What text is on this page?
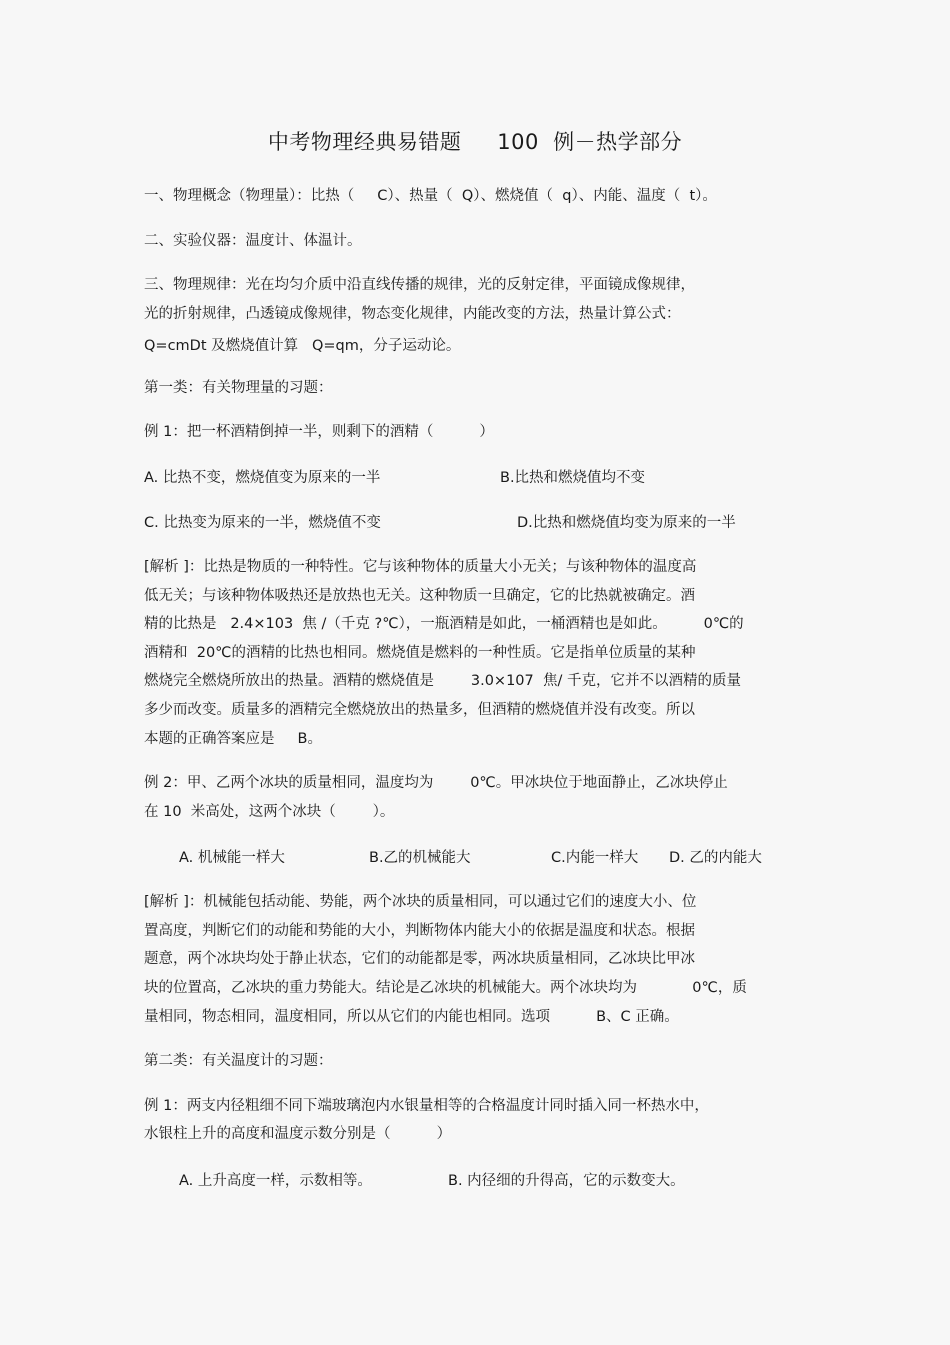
中考物理经典易错题     100  例－热学部分
一、物理概念（物理量）：比热（     C）、热量（  Q）、燃烧值（  q）、内能、温度（  t）。
二、实验仪器：温度计、体温计。
三、物理规律：光在均匀介质中沿直线传播的规律，光的反射定律，平面镜成像规律，
光的折射规律，凸透镜成像规律，物态变化规律，内能改变的方法，热量计算公式：
Q=cmDt 及燃烧值计算   Q=qm，分子运动论。
第一类：有关物理量的习题：
例 1：把一杯酒精倒掉一半，则剩下的酒精（          ）
A. 比热不变，燃烧值变为原来的一半	B.比热和燃烧值均不变
C. 比热变为原来的一半，燃烧值不变	D.比热和燃烧值均变为原来的一半
[解析 ]：比热是物质的一种特性。它与该种物体的质量大小无关；与该种物体的温度高
低无关；与该种物体吸热还是放热也无关。这种物质一旦确定，它的比热就被确定。酒
精的比热是   2.4×103  焦 /（千克 ?℃），一瓶酒精是如此，一桶酒精也是如此。        0℃的
酒精和  20℃的酒精的比热也相同。燃烧值是燃料的一种性质。它是指单位质量的某种
燃烧完全燃烧所放出的热量。酒精的燃烧值是        3.0×107  焦/ 千克，它并不以酒精的质量
多少而改变。质量多的酒精完全燃烧放出的热量多，但酒精的燃烧值并没有改变。所以
本题的正确答案应是     B。
例 2：甲、乙两个冰块的质量相同，温度均为        0℃。甲冰块位于地面静止，乙冰块停止
在 10  米高处，这两个冰块（        ）。
A. 机械能一样大	B.乙的机械能大	C.内能一样大 D. 乙的内能大
[解析 ]：机械能包括动能、势能，两个冰块的质量相同，可以通过它们的速度大小、位
置高度，判断它们的动能和势能的大小，判断物体内能大小的依据是温度和状态。根据
题意，两个冰块均处于静止状态，它们的动能都是零，两冰块质量相同，乙冰块比甲冰
块的位置高，乙冰块的重力势能大。结论是乙冰块的机械能大。两个冰块均为            0℃，质
量相同，物态相同，温度相同，所以从它们的内能也相同。选项          B、C 正确。
第二类：有关温度计的习题：
例 1：两支内径粗细不同下端玻璃泡内水银量相等的合格温度计同时插入同一杯热水中，
水银柱上升的高度和温度示数分别是（          ）
A. 上升高度一样，示数相等。	B. 内径细的升得高，它的示数变大。
